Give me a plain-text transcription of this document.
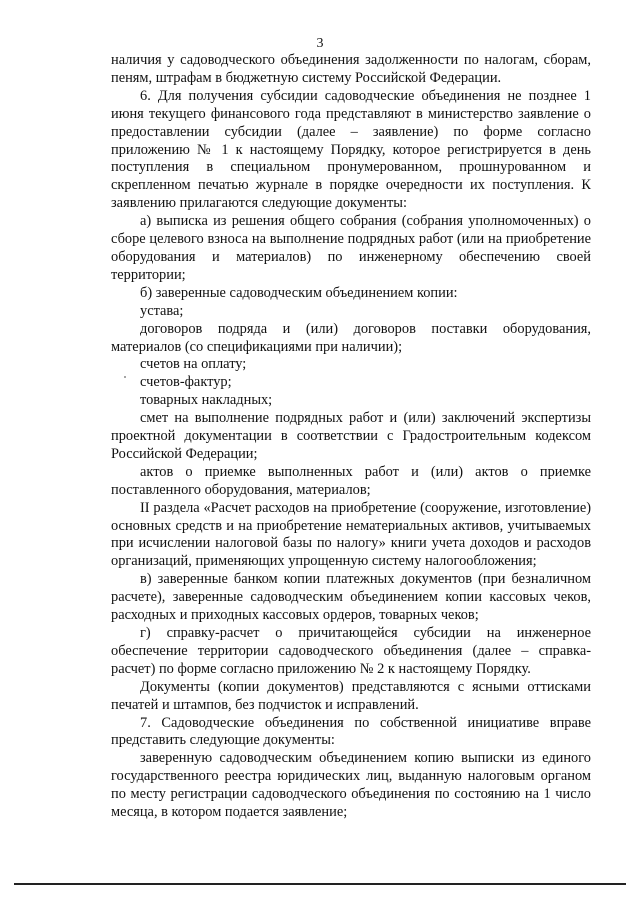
3

наличия у садоводческого объединения задолженности по налогам, сборам, пеням, штрафам в бюджетную систему Российской Федерации.

6. Для получения субсидии садоводческие объединения не позднее 1 июня текущего финансового года представляют в министерство заявление о предоставлении субсидии (далее – заявление) по форме согласно приложению № 1 к настоящему Порядку, которое регистрируется в день поступления в специальном пронумерованном, прошнурованном и скрепленном печатью журнале в порядке очередности их поступления. К заявлению прилагаются следующие документы:

а) выписка из решения общего собрания (собрания уполномоченных) о сборе целевого взноса на выполнение подрядных работ (или на приобретение оборудования и материалов) по инженерному обеспечению своей территории;

б) заверенные садоводческим объединением копии:

устава;

договоров подряда и (или) договоров поставки оборудования, материалов (со спецификациями при наличии);

счетов на оплату;

счетов-фактур;

товарных накладных;

смет на выполнение подрядных работ и (или) заключений экспертизы проектной документации в соответствии с Градостроительным кодексом Российской Федерации;

актов о приемке выполненных работ и (или) актов о приемке поставленного оборудования, материалов;

II раздела «Расчет расходов на приобретение (сооружение, изготовление) основных средств и на приобретение нематериальных активов, учитываемых при исчислении налоговой базы по налогу» книги учета доходов и расходов организаций, применяющих упрощенную систему налогообложения;

в) заверенные банком копии платежных документов (при безналичном расчете), заверенные садоводческим объединением копии кассовых чеков, расходных и приходных кассовых ордеров, товарных чеков;

г) справку-расчет о причитающейся субсидии на инженерное обеспечение территории садоводческого объединения (далее – справка-расчет) по форме согласно приложению № 2 к настоящему Порядку.

Документы (копии документов) представляются с ясными оттисками печатей и штампов, без подчисток и исправлений.

7. Садоводческие объединения по собственной инициативе вправе представить следующие документы:

заверенную садоводческим объединением копию выписки из единого государственного реестра юридических лиц, выданную налоговым органом по месту регистрации садоводческого объединения по состоянию на 1 число месяца, в котором подается заявление;
